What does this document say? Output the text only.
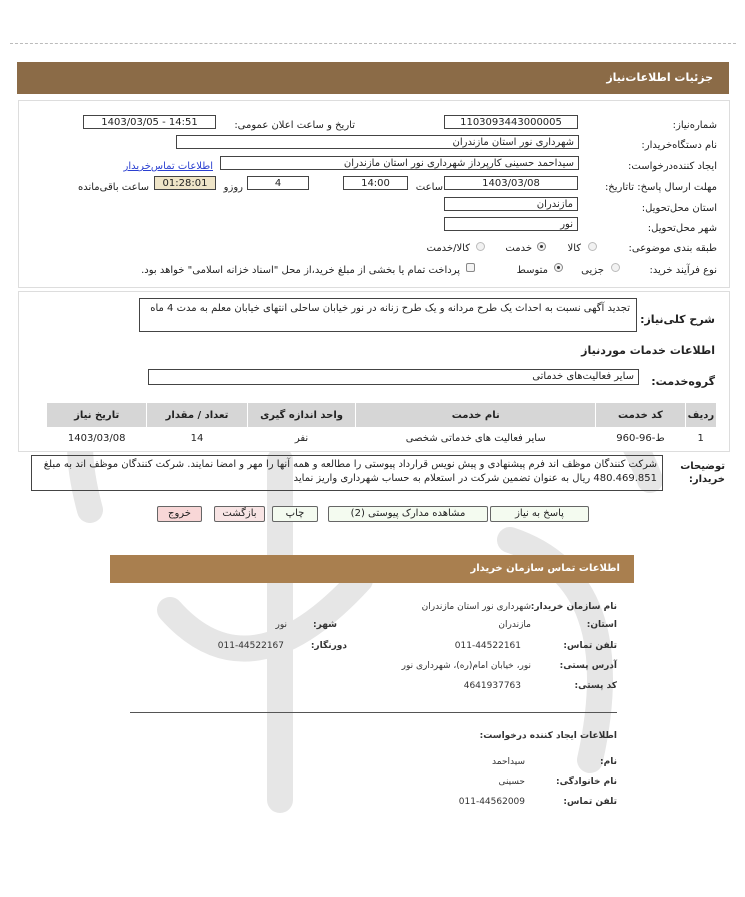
جزئیات اطلاعات‌نیاز
شماره‌نیاز:
1103093443000005
تاریخ و ساعت اعلان عمومی:
1403/03/05 - 14:51
نام دستگاه‌خریدار:
شهرداری نور استان مازندران
ایجاد کننده‌درخواست:
سیداحمد حسینی کارپرداز شهرداری نور استان مازندران
اطلاعات تماس‌خریدار
مهلت ارسال پاسخ: تاتاریخ:
1403/03/08
ساعت
14:00
4
روزو
01:28:01
ساعت باقی‌مانده
استان محل‌تحویل:
مازندران
شهر محل‌تحویل:
نور
طبقه بندی موضوعی:
کالا
خدمت
کالا/خدمت
نوع فرآیند خرید:
جزیی
متوسط
پرداخت تمام یا بخشی از مبلغ خرید،از محل "اسناد خزانه اسلامی" خواهد بود.
شرح کلی‌نیاز:
تجدید آگهی نسبت به احداث یک طرح مردانه و یک طرح زنانه در نور خیابان ساحلی انتهای خیابان معلم به مدت 4 ماه
اطلاعات خدمات موردنیاز
گروه‌خدمت:
سایر فعالیت‌های خدماتی
ردیف	کد خدمت	نام خدمت	واحد اندازه گیری	تعداد / مقدار	تاریخ نیاز
1	ط-96-960	سایر فعالیت های خدماتی شخصی	نفر	14	1403/03/08
توضیحات خریدار:
شرکت کنندگان موظف اند فرم پیشنهادی و پیش نویس قرارداد پیوستی را مطالعه و همه آنها را مهر و امضا نمایند. شرکت کنندگان موظف اند به مبلغ 480.469.851 ریال به عنوان تضمین شرکت در استعلام به حساب شهرداری واریز نماید
پاسخ به نیاز
مشاهده مدارک پیوستی (2)
چاپ
بازگشت
خروج
اطلاعات تماس سازمان خریدار
نام سازمان خریدار:
شهرداری نور استان مازندران
استان:
مازندران
شهر:
نور
تلفن تماس:
011-44522161
دورنگار:
011-44522167
آدرس پستی:
نور، خیابان امام(ره)، شهرداری نور
کد پستی:
4641937763
اطلاعات ایجاد کننده درخواست:
نام:
سیداحمد
نام خانوادگی:
حسینی
تلفن تماس:
011-44562009
